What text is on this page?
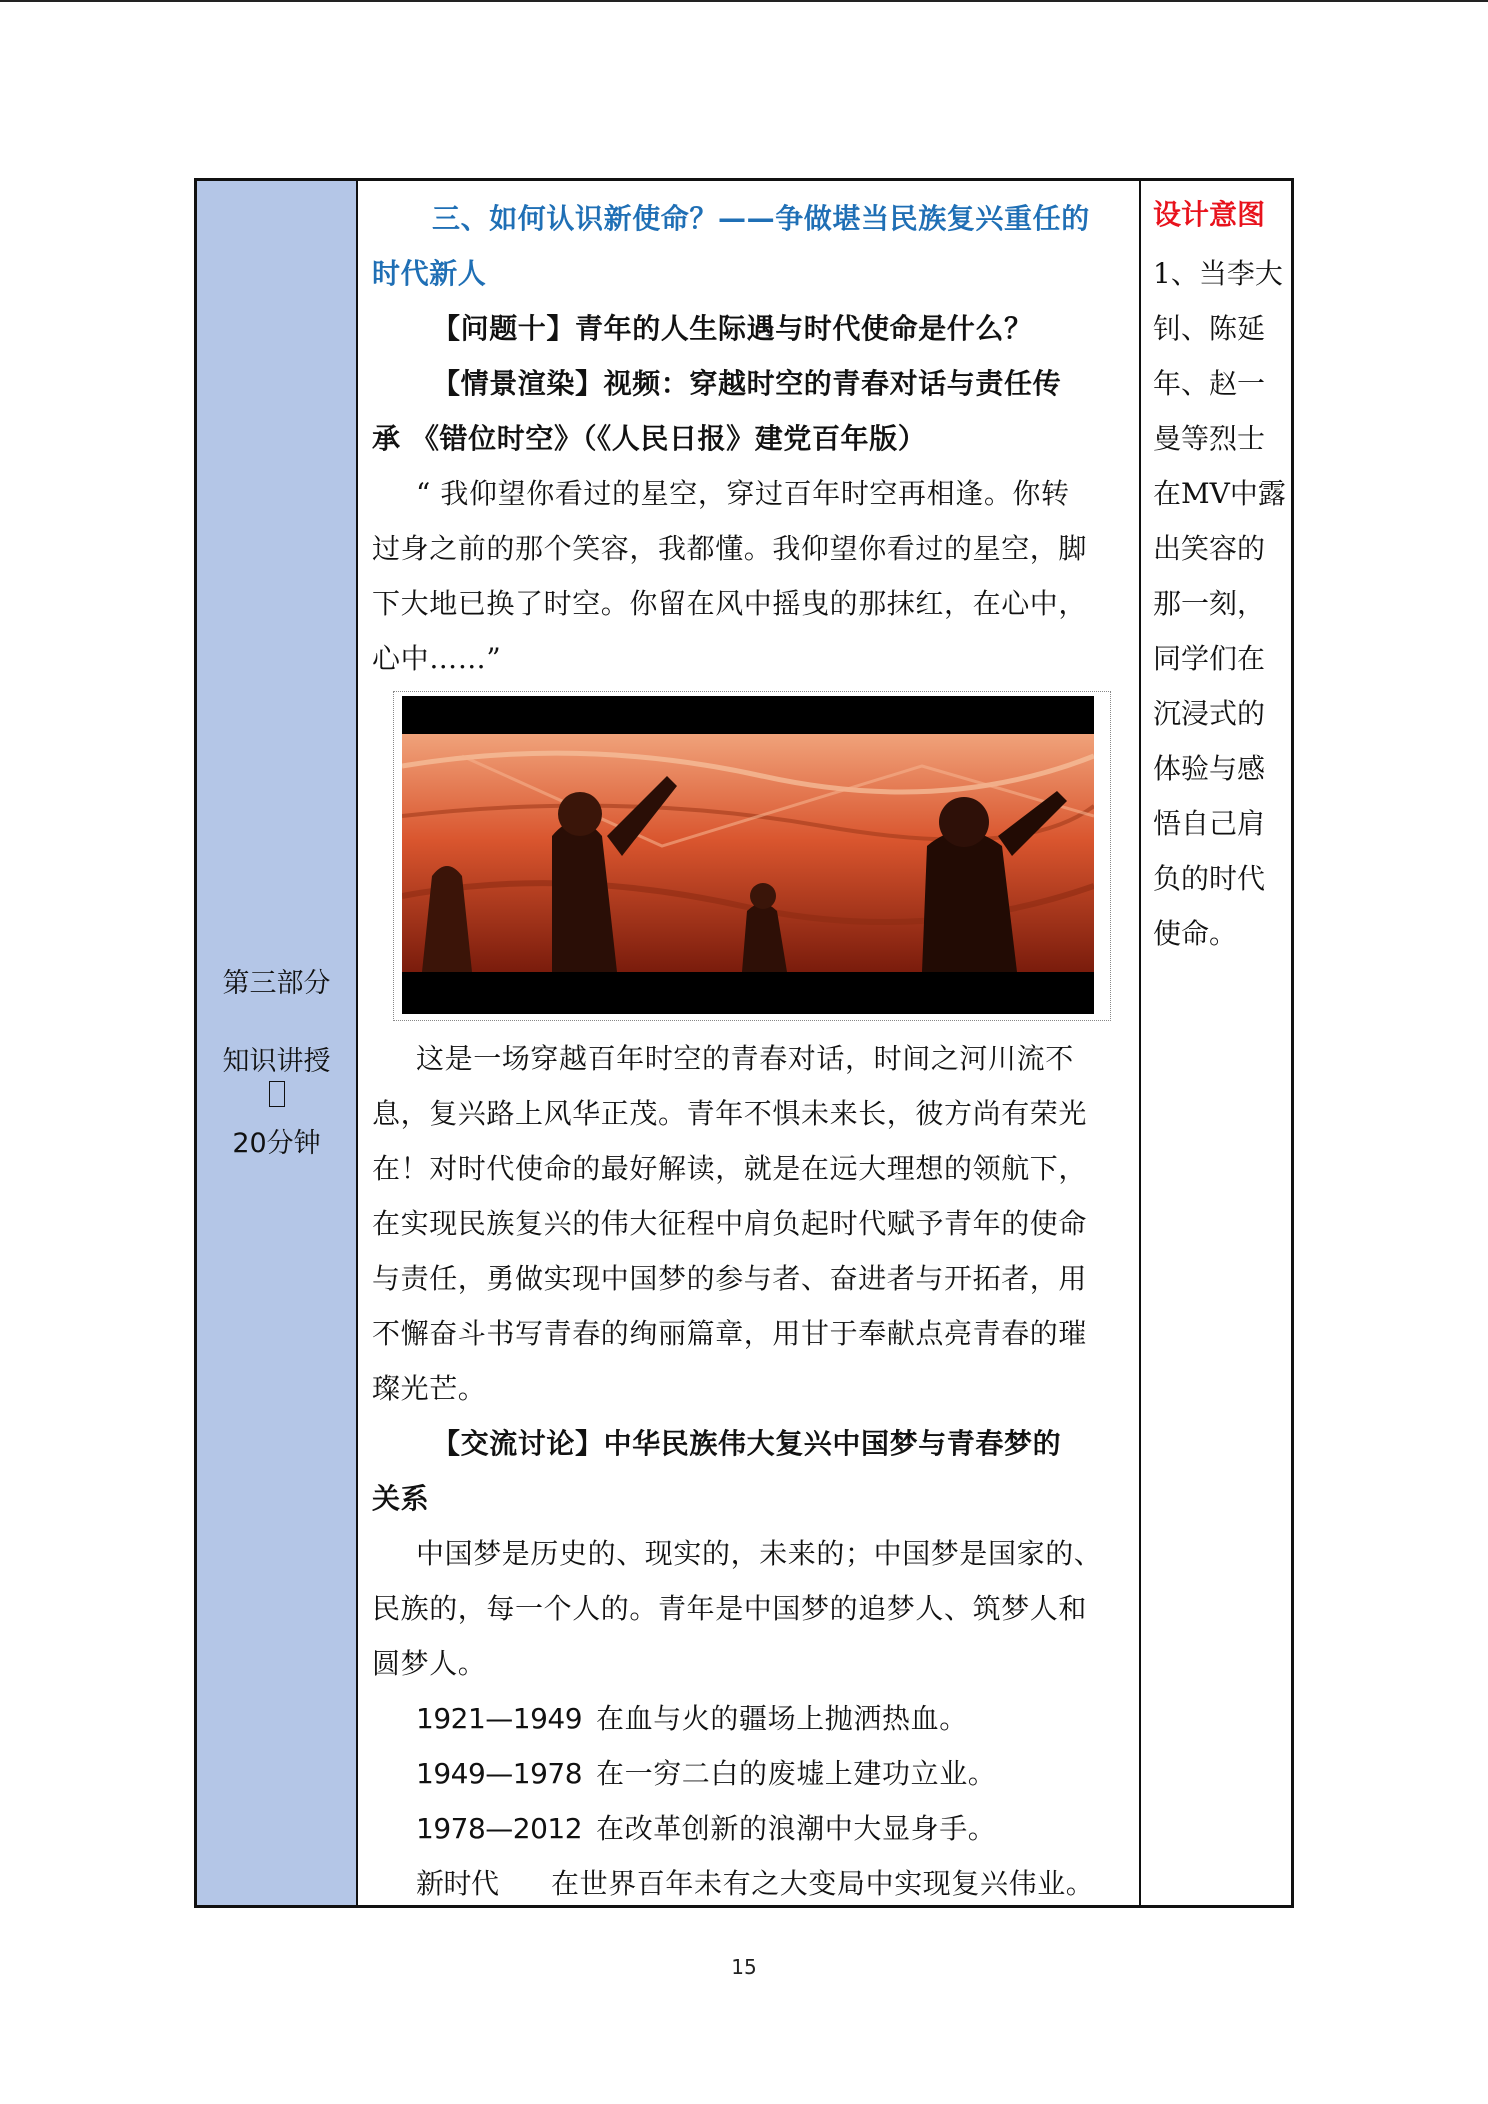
第三部分
知识讲授
20分钟
三、如何认识新使命？——争做堪当民族复兴重任的
时代新人
【问题十】青年的人生际遇与时代使命是什么？
【情景渲染】视频：穿越时空的青春对话与责任传
承 《错位时空》（《人民日报》建党百年版）
“ 我仰望你看过的星空，穿过百年时空再相逢。你转
过身之前的那个笑容，我都懂。我仰望你看过的星空，脚
下大地已换了时空。你留在风中摇曳的那抹红，在心中，
心中……”
这是一场穿越百年时空的青春对话，时间之河川流不
息，复兴路上风华正茂。青年不惧未来长，彼方尚有荣光
在！对时代使命的最好解读，就是在远大理想的领航下，
在实现民族复兴的伟大征程中肩负起时代赋予青年的使命
与责任，勇做实现中国梦的参与者、奋进者与开拓者，用
不懈奋斗书写青春的绚丽篇章，用甘于奉献点亮青春的璀
璨光芒。
【交流讨论】中华民族伟大复兴中国梦与青春梦的
关系
中国梦是历史的、现实的，未来的；中国梦是国家的、
民族的，每一个人的。青年是中国梦的追梦人、筑梦人和
圆梦人。
1921—1949 在血与火的疆场上抛洒热血。
1949—1978 在一穷二白的废墟上建功立业。
1978—2012 在改革创新的浪潮中大显身手。
新时代 在世界百年未有之大变局中实现复兴伟业。
设计意图
1、当李大
钊、陈延
年、赵一
曼等烈士
在MV中露
出笑容的
那一刻，
同学们在
沉浸式的
体验与感
悟自己肩
负的时代
使命。
15
